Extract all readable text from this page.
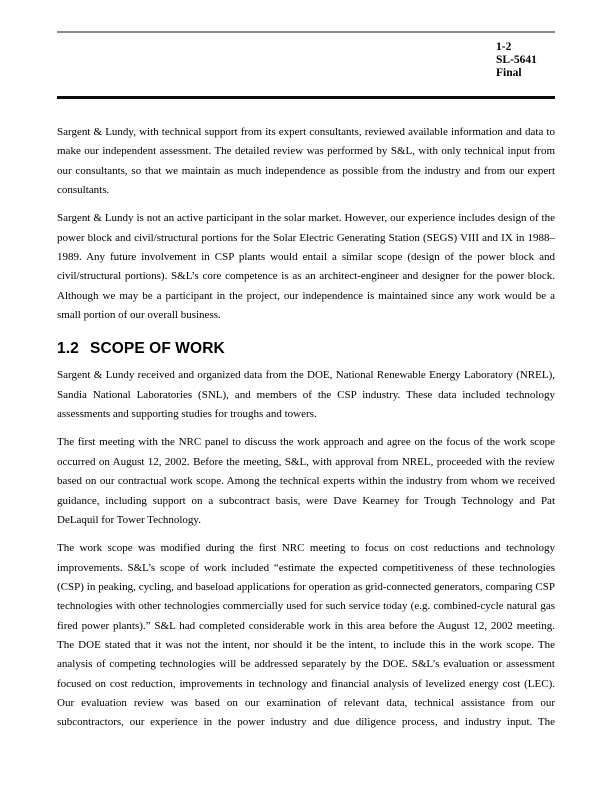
1-2
SL-5641
Final

Sargent & Lundy, with technical support from its expert consultants, reviewed available information and data to make our independent assessment. The detailed review was performed by S&L, with only technical input from our consultants, so that we maintain as much independence as possible from the industry and from our expert consultants.

Sargent & Lundy is not an active participant in the solar market. However, our experience includes design of the power block and civil/structural portions for the Solar Electric Generating Station (SEGS) VIII and IX in 1988–1989. Any future involvement in CSP plants would entail a similar scope (design of the power block and civil/structural portions). S&L’s core competence is as an architect-engineer and designer for the power block. Although we may be a participant in the project, our independence is maintained since any work would be a small portion of our overall business.

1.2 SCOPE OF WORK

Sargent & Lundy received and organized data from the DOE, National Renewable Energy Laboratory (NREL), Sandia National Laboratories (SNL), and members of the CSP industry. These data included technology assessments and supporting studies for troughs and towers.

The first meeting with the NRC panel to discuss the work approach and agree on the focus of the work scope occurred on August 12, 2002. Before the meeting, S&L, with approval from NREL, proceeded with the review based on our contractual work scope. Among the technical experts within the industry from whom we received guidance, including support on a subcontract basis, were Dave Kearney for Trough Technology and Pat DeLaquil for Tower Technology.

The work scope was modified during the first NRC meeting to focus on cost reductions and technology improvements. S&L’s scope of work included “estimate the expected competitiveness of these technologies (CSP) in peaking, cycling, and baseload applications for operation as grid-connected generators, comparing CSP technologies with other technologies commercially used for such service today (e.g. combined-cycle natural gas fired power plants).” S&L had completed considerable work in this area before the August 12, 2002 meeting. The DOE stated that it was not the intent, nor should it be the intent, to include this in the work scope. The analysis of competing technologies will be addressed separately by the DOE. S&L’s evaluation or assessment focused on cost reduction, improvements in technology and financial analysis of levelized energy cost (LEC). Our evaluation review was based on our examination of relevant data, technical assistance from our subcontractors, our experience in the power industry and due diligence process, and industry input. The
